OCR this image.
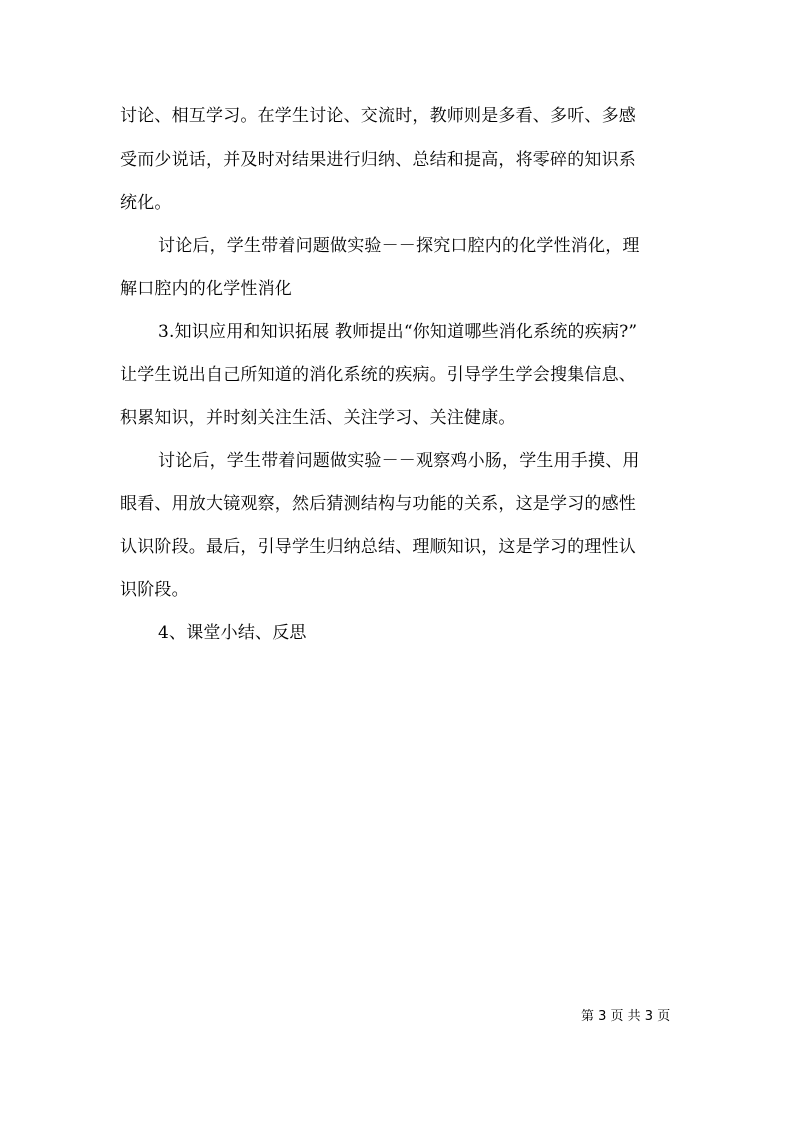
讨论、相互学习。在学生讨论、交流时，教师则是多看、多听、多感
受而少说话，并及时对结果进行归纳、总结和提高，将零碎的知识系
统化。
讨论后，学生带着问题做实验－－探究口腔内的化学性消化，理
解口腔内的化学性消化
3.知识应用和知识拓展 教师提出“你知道哪些消化系统的疾病?”
让学生说出自己所知道的消化系统的疾病。引导学生学会搜集信息、
积累知识，并时刻关注生活、关注学习、关注健康。
讨论后，学生带着问题做实验－－观察鸡小肠，学生用手摸、用
眼看、用放大镜观察，然后猜测结构与功能的关系，这是学习的感性
认识阶段。最后，引导学生归纳总结、理顺知识，这是学习的理性认
识阶段。
4、课堂小结、反思
第 3 页 共 3 页
